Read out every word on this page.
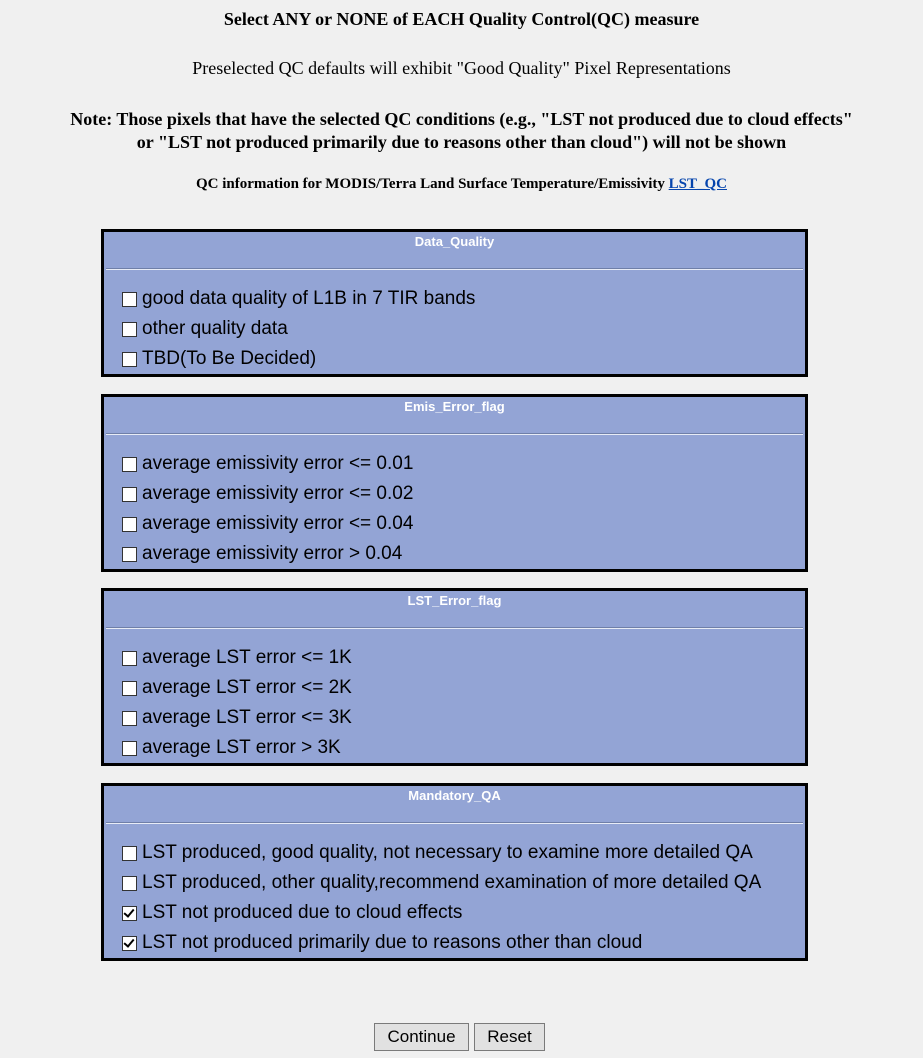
Select ANY or NONE of EACH Quality Control(QC) measure
Preselected QC defaults will exhibit "Good Quality" Pixel Representations
Note: Those pixels that have the selected QC conditions (e.g., "LST not produced due to cloud effects"
or "LST not produced primarily due to reasons other than cloud") will not be shown
QC information for MODIS/Terra Land Surface Temperature/Emissivity LST_QC
Data_Quality
good data quality of L1B in 7 TIR bands
other quality data
TBD(To Be Decided)
Emis_Error_flag
average emissivity error <= 0.01
average emissivity error <= 0.02
average emissivity error <= 0.04
average emissivity error > 0.04
LST_Error_flag
average LST error <= 1K
average LST error <= 2K
average LST error <= 3K
average LST error > 3K
Mandatory_QA
LST produced, good quality, not necessary to examine more detailed QA
LST produced, other quality,recommend examination of more detailed QA
LST not produced due to cloud effects
LST not produced primarily due to reasons other than cloud
Continue	Reset
